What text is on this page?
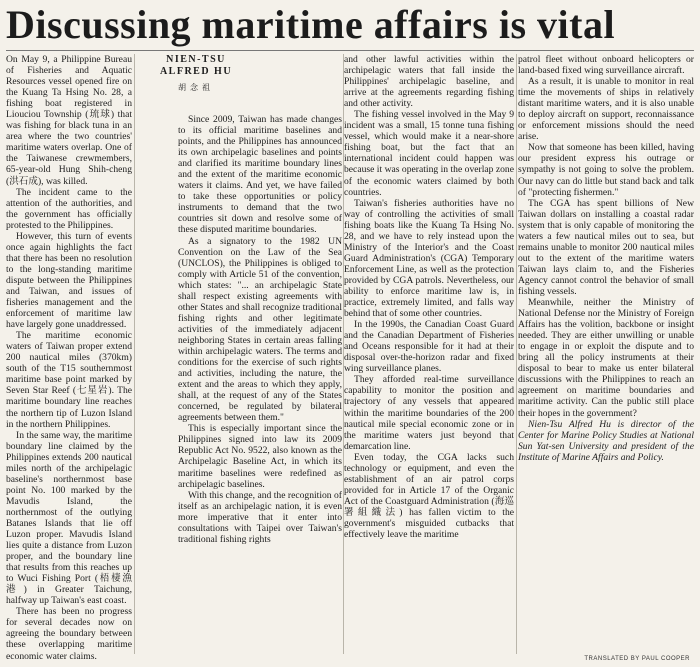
Discussing maritime affairs is vital

On May 9, a Philippine Bureau of Fisheries and Aquatic Resources vessel opened fire on the Kuang Ta Hsing No. 28, a fishing boat registered in Liouciou Township (琉球) that was fishing for black tuna in an area where the two countries' maritime waters overlap. One of the Taiwanese crewmembers, 65-year-old Hung Shih-cheng (洪石成), was killed.

The incident came to the attention of the authorities, and the government has officially protested to the Philippines.

However, this turn of events once again highlights the fact that there has been no resolution to the long-standing maritime dispute between the Philippines and Taiwan, and issues of fisheries management and the enforcement of maritime law have largely gone unaddressed.

The maritime economic waters of Taiwan proper extend 200 nautical miles (370km) south of the T15 southernmost maritime base point marked by Seven Star Reef (七星岩). The maritime boundary line reaches the northern tip of Luzon Island in the northern Philippines.

In the same way, the maritime boundary line claimed by the Philippines extends 200 nautical miles north of the archipelagic baseline's northernmost base point No. 100 marked by the Mavudis Island, the northernmost of the outlying Batanes Islands that lie off Luzon proper. Mavudis Island lies quite a distance from Luzon proper, and the boundary line that results from this reaches up to Wuci Fishing Port (梧棲漁港) in Greater Taichung, halfway up Taiwan's east coast.

There has been no progress for several decades now on agreeing the boundary between these overlapping maritime economic water claims.

NIEN-TSU
ALFRED HU
胡念祖

Since 2009, Taiwan has made changes to its official maritime baselines and points, and the Philippines has announced its own archipelagic baselines and points and clarified its maritime boundary lines and the extent of the maritime economic waters it claims. And yet, we have failed to take these opportunities or policy instruments to demand that the two countries sit down and resolve some of these disputed maritime boundaries.

As a signatory to the 1982 UN Convention on the Law of the Sea (UNCLOS), the Philippines is obliged to comply with Article 51 of the convention, which states: "... an archipelagic State shall respect existing agreements with other States and shall recognize traditional fishing rights and other legitimate activities of the immediately adjacent neighboring States in certain areas falling within archipelagic waters. The terms and conditions for the exercise of such rights and activities, including the nature, the extent and the areas to which they apply, shall, at the request of any of the States concerned, be regulated by bilateral agreements between them."

This is especially important since the Philippines signed into law its 2009 Republic Act No. 9522, also known as the Archipelagic Baseline Act, in which its maritime baselines were redefined as archipelagic baselines.

With this change, and the recognition of itself as an archipelagic nation, it is even more imperative that it enter into consultations with Taipei over Taiwan's traditional fishing rights

and other lawful activities within the archipelagic waters that fall inside the Philippines' archipelagic baseline, and arrive at the agreements regarding fishing and other activity.

The fishing vessel involved in the May 9 incident was a small, 15 tonne tuna fishing vessel, which would make it a near-shore fishing boat, but the fact that an international incident could happen was because it was operating in the overlap zone of the economic waters claimed by both countries.

Taiwan's fisheries authorities have no way of controlling the activities of small fishing boats like the Kuang Ta Hsing No. 28, and we have to rely instead upon the Ministry of the Interior's and the Coast Guard Administration's (CGA) Temporary Enforcement Line, as well as the protection provided by CGA patrols. Nevertheless, our ability to enforce maritime law is, in practice, extremely limited, and falls way behind that of some other countries.

In the 1990s, the Canadian Coast Guard and the Canadian Department of Fisheries and Oceans responsible for it had at their disposal over-the-horizon radar and fixed wing surveillance planes.

They afforded real-time surveillance capability to monitor the position and trajectory of any vessels that appeared within the maritime boundaries of the 200 nautical mile special economic zone or in the maritime waters just beyond that demarcation line.

Even today, the CGA lacks such technology or equipment, and even the establishment of an air patrol corps provided for in Article 17 of the Organic Act of the Coastguard Administration (海巡署組織法) has fallen victim to the government's misguided cutbacks that effectively leave the maritime

patrol fleet without onboard helicopters or land-based fixed wing surveillance aircraft.

As a result, it is unable to monitor in real time the movements of ships in relatively distant maritime waters, and it is also unable to deploy aircraft on support, reconnaissance or enforcement missions should the need arise.

Now that someone has been killed, having our president express his outrage or sympathy is not going to solve the problem. Our navy can do little but stand back and talk of "protecting fishermen."

The CGA has spent billions of New Taiwan dollars on installing a coastal radar system that is only capable of monitoring the waters a few nautical miles out to sea, but remains unable to monitor 200 nautical miles out to the extent of the maritime waters Taiwan lays claim to, and the Fisheries Agency cannot control the behavior of small fishing vessels.

Meanwhile, neither the Ministry of National Defense nor the Ministry of Foreign Affairs has the volition, backbone or insight needed. They are either unwilling or unable to engage in or exploit the dispute and to bring all the policy instruments at their disposal to bear to make us enter bilateral discussions with the Philippines to reach an agreement on maritime boundaries and maritime activity. Can the public still place their hopes in the government?

Nien-Tsu Alfred Hu is director of the Center for Marine Policy Studies at National Sun Yat-sen University and president of the Institute of Marine Affairs and Policy.

TRANSLATED BY PAUL COOPER
